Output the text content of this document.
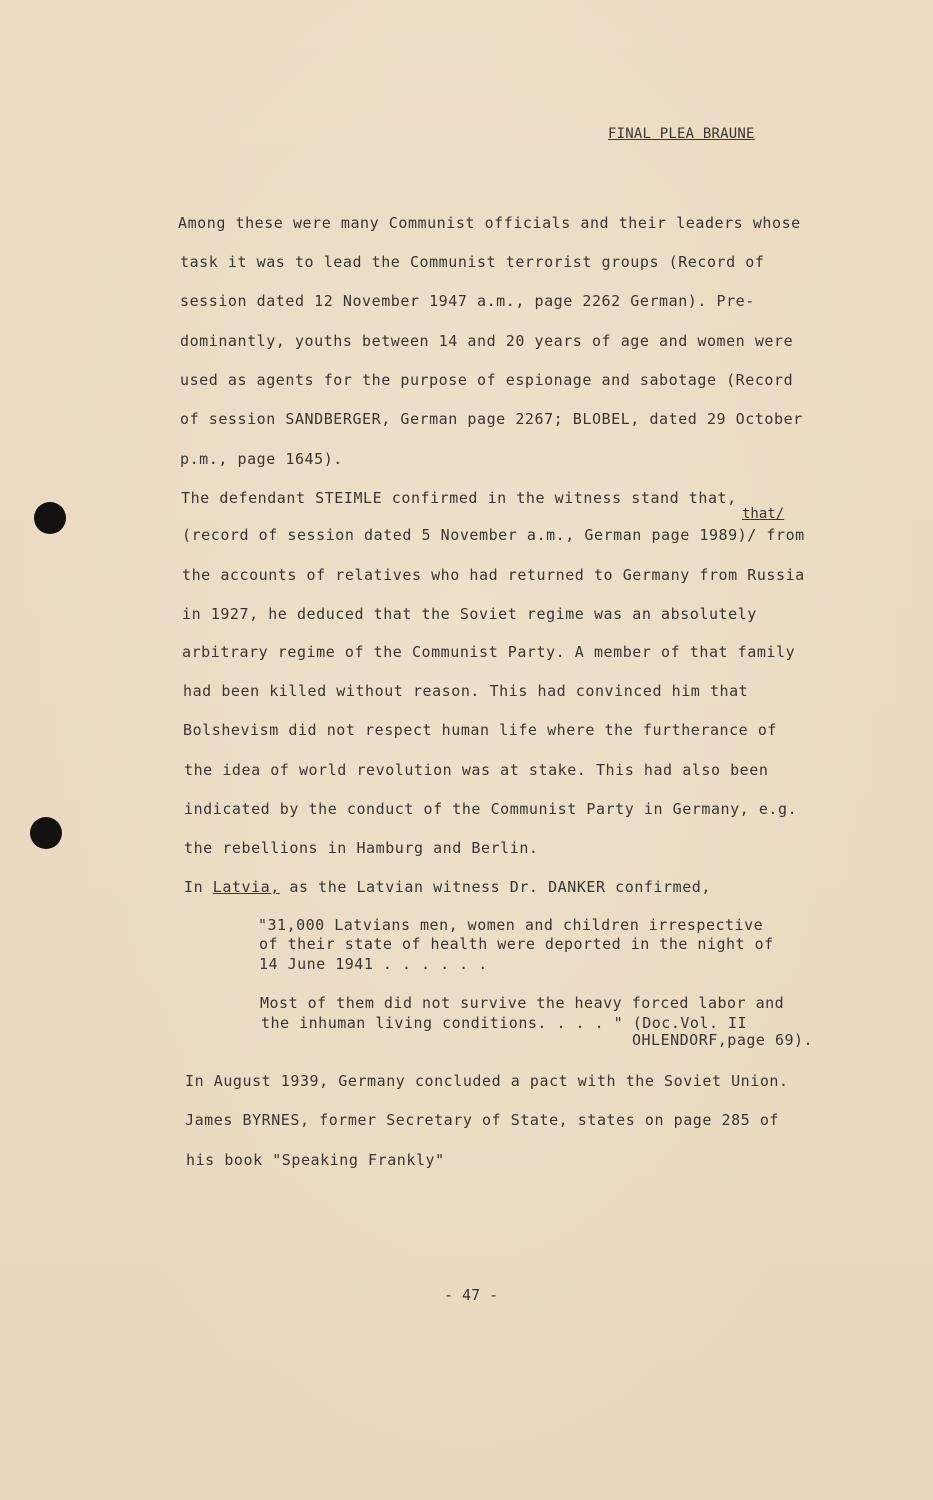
FINAL PLEA BRAUNE
Among these were many Communist officials and their leaders whose
task it was to lead the Communist terrorist groups (Record of
session dated 12 November 1947 a.m., page 2262 German). Pre-
dominantly, youths between 14 and 20 years of age and women were
used as agents for the purpose of espionage and sabotage (Record
of session SANDBERGER, German page 2267; BLOBEL, dated 29 October
p.m., page 1645).
The defendant STEIMLE confirmed in the witness stand that,
that/
(record of session dated 5 November a.m., German page 1989)/ from
the accounts of relatives who had returned to Germany from Russia
in 1927, he deduced that the Soviet regime was an absolutely
arbitrary regime of the Communist Party. A member of that family
had been killed without reason. This had convinced him that
Bolshevism did not respect human life where the furtherance of
the idea of world revolution was at stake. This had also been
indicated by the conduct of the Communist Party in Germany, e.g.
the rebellions in Hamburg and Berlin.
In Latvia, as the Latvian witness Dr. DANKER confirmed,
"31,000 Latvians men, women and children irrespective
of their state of health were deported in the night of
14 June 1941 . . . . . .
Most of them did not survive the heavy forced labor and
the inhuman living conditions. . . . " (Doc.Vol. II
OHLENDORF,page 69).
In August 1939, Germany concluded a pact with the Soviet Union.
James BYRNES, former Secretary of State, states on page 285 of
his book "Speaking Frankly"
- 47 -
